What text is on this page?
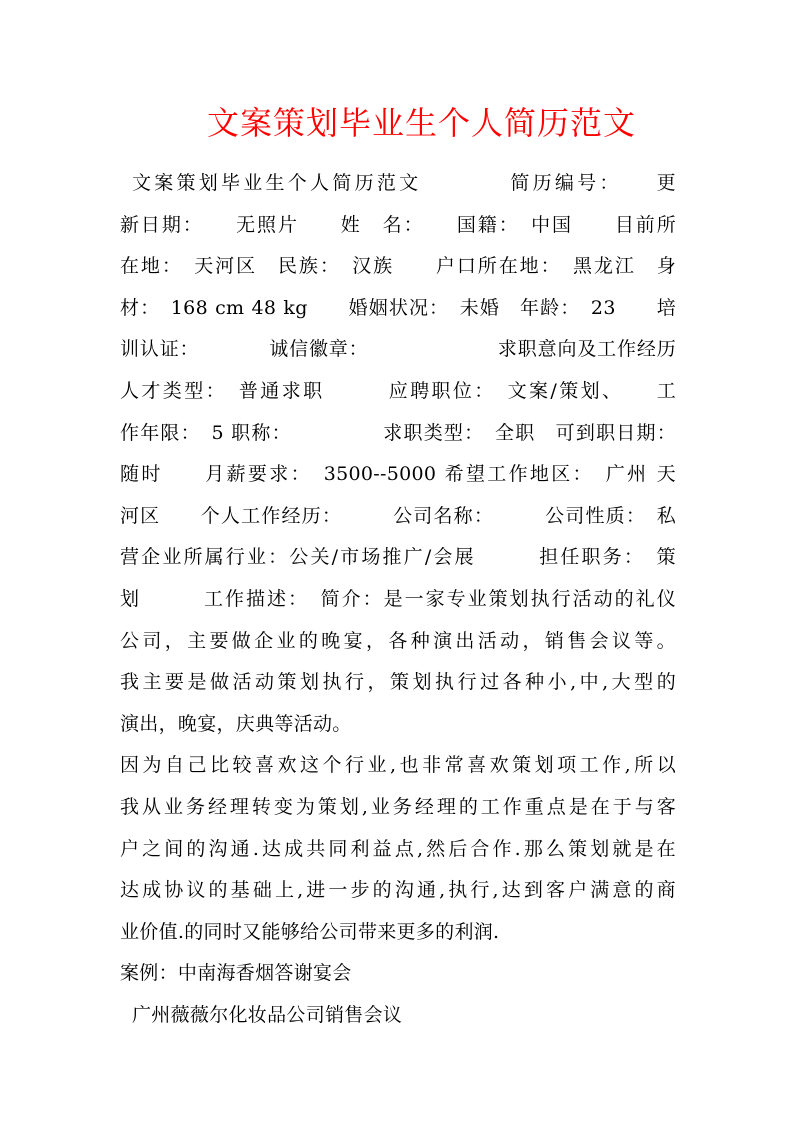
文案策划毕业生个人简历范文
文案策划毕业生个人简历范文　　　　简历编号：　　更
新日期：　　无照片　　姓　名：　　国籍：　中国　　目前所
在地：　天河区　民族：　汉族　　户口所在地：　黑龙江　身
材：　168 cm 48 kg　　婚姻状况：　未婚　年龄：　23　　培
训认证：　　　　诚信徽章：　　　　　　　求职意向及工作经历
人才类型：　普通求职　　　应聘职位：　文案/策划、　　工
作年限：　5 职称：　　　　　求职类型：　全职　可到职日期：
随时　　月薪要求：　3500--5000 希望工作地区：　广州 天
河区　　个人工作经历：　　　公司名称：　　　公司性质：　私
营企业所属行业：公关/市场推广/会展　　　担任职务：　策
划　　　工作描述：　简介：是一家专业策划执行活动的礼仪
公司，主要做企业的晚宴，各种演出活动，销售会议等。
我主要是做活动策划执行，策划执行过各种小,中,大型的
演出，晚宴，庆典等活动。
因为自己比较喜欢这个行业,也非常喜欢策划项工作,所以
我从业务经理转变为策划,业务经理的工作重点是在于与客
户之间的沟通.达成共同利益点,然后合作.那么策划就是在
达成协议的基础上,进一步的沟通,执行,达到客户满意的商
业价值.的同时又能够给公司带来更多的利润.
案例：中南海香烟答谢宴会
广州薇薇尔化妆品公司销售会议
